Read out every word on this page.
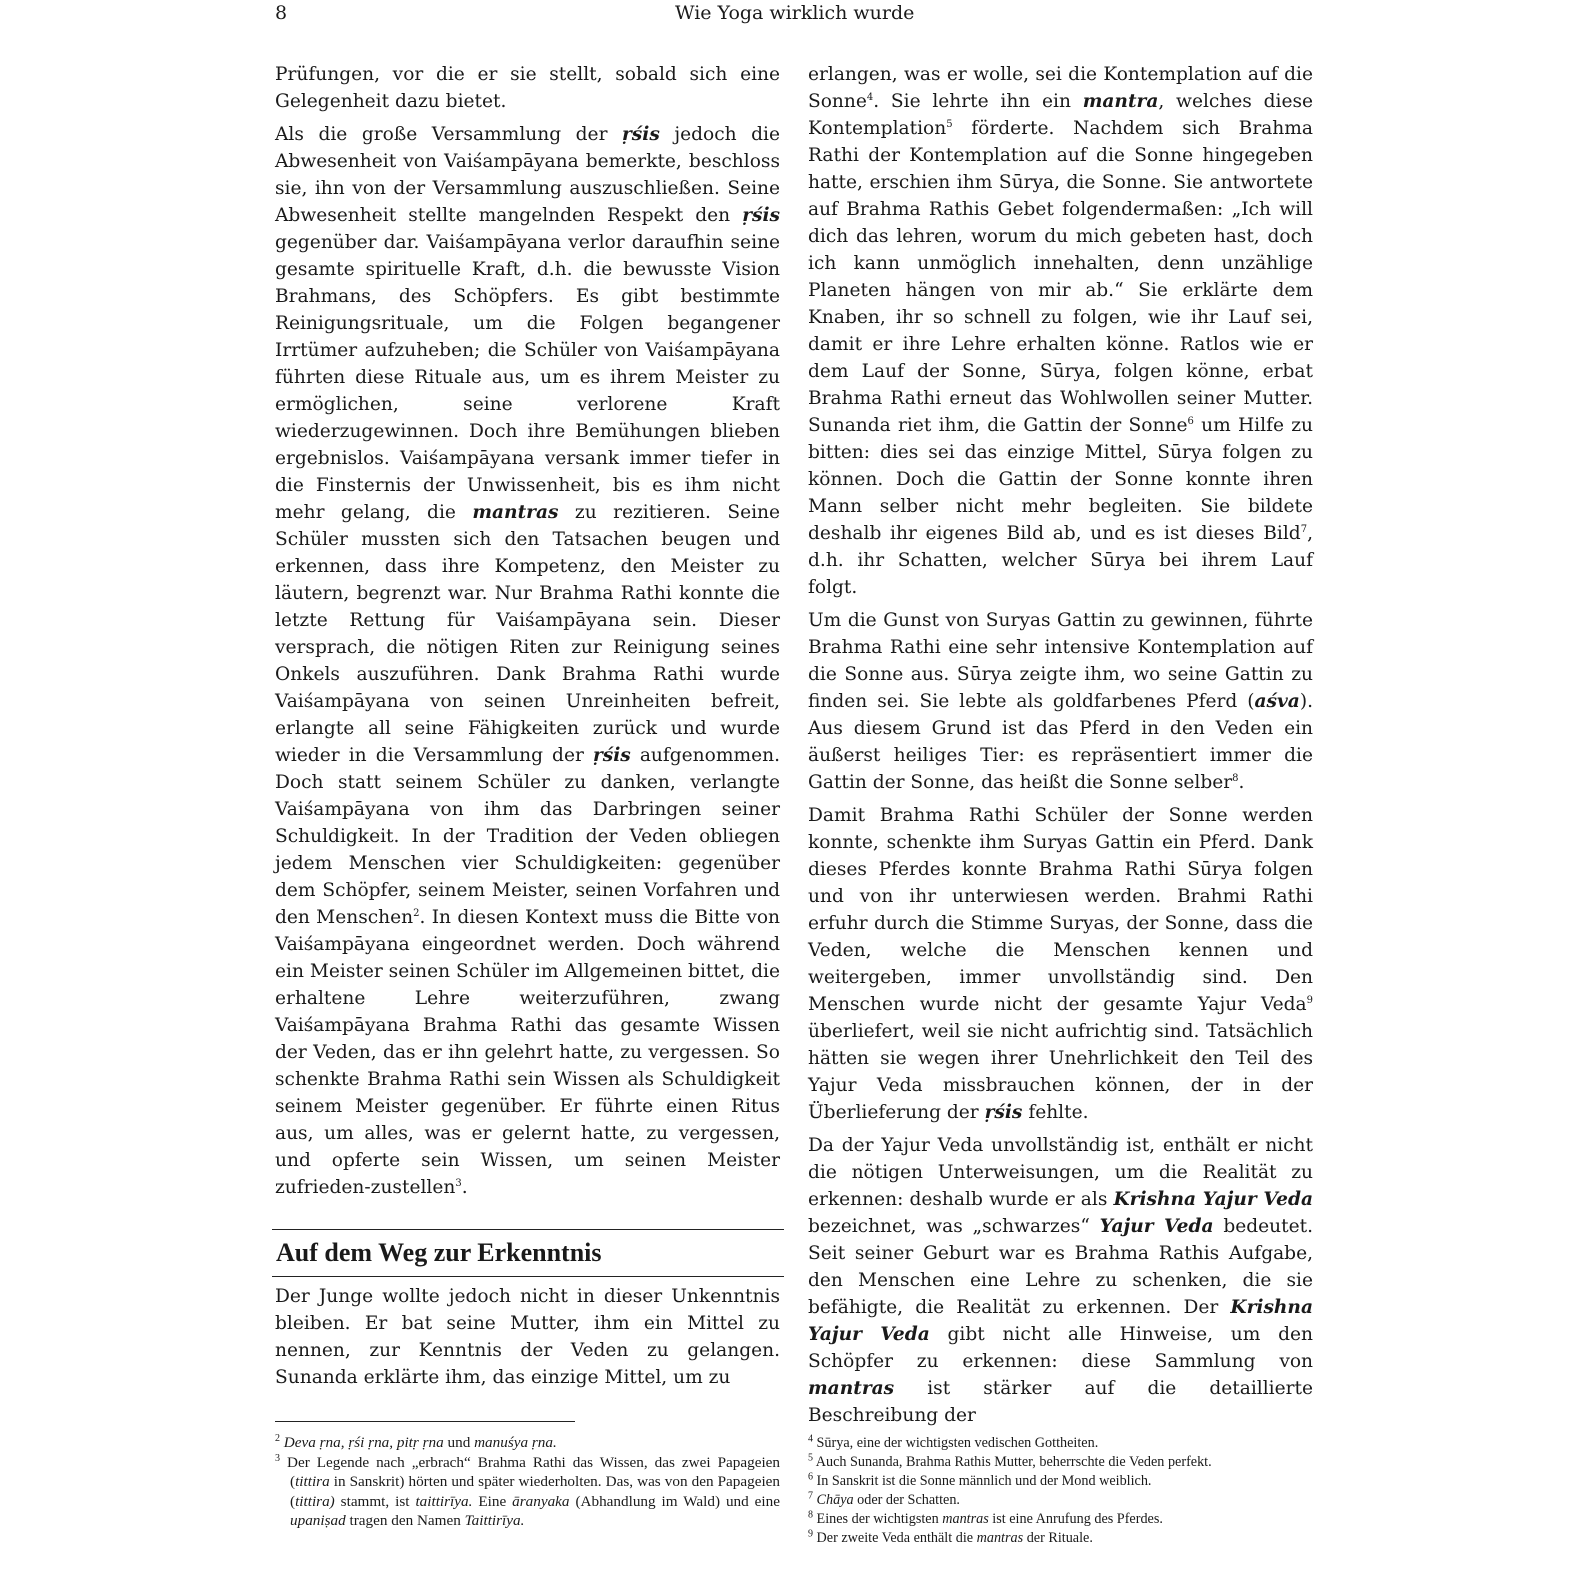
8	Wie Yoga wirklich wurde

Prüfungen, vor die er sie stellt, sobald sich eine Gelegenheit dazu bietet.

Als die große Versammlung der ṛśis jedoch die Abwesenheit von Vaiśampāyana bemerkte, beschloss sie, ihn von der Versammlung auszuschließen. Seine Abwesenheit stellte mangelnden Respekt den ṛśis gegenüber dar. Vaiśampāyana verlor daraufhin seine gesamte spirituelle Kraft, d.h. die bewusste Vision Brahmans, des Schöpfers. Es gibt bestimmte Reinigungsrituale, um die Folgen begangener Irrtümer aufzuheben; die Schüler von Vaiśampāyana führten diese Rituale aus, um es ihrem Meister zu ermöglichen, seine verlorene Kraft wiederzugewinnen. Doch ihre Bemühungen blieben ergebnislos. Vaiśampāyana versank immer tiefer in die Finsternis der Unwissenheit, bis es ihm nicht mehr gelang, die mantras zu rezitieren. Seine Schüler mussten sich den Tatsachen beugen und erkennen, dass ihre Kompetenz, den Meister zu läutern, begrenzt war. Nur Brahma Rathi konnte die letzte Rettung für Vaiśampāyana sein. Dieser versprach, die nötigen Riten zur Reinigung seines Onkels auszuführen. Dank Brahma Rathi wurde Vaiśampāyana von seinen Unreinheiten befreit, erlangte all seine Fähigkeiten zurück und wurde wieder in die Versammlung der ṛśis aufgenommen. Doch statt seinem Schüler zu danken, verlangte Vaiśampāyana von ihm das Darbringen seiner Schuldigkeit. In der Tradition der Veden obliegen jedem Menschen vier Schuldigkeiten: gegenüber dem Schöpfer, seinem Meister, seinen Vorfahren und den Menschen$^2$. In diesen Kontext muss die Bitte von Vaiśampāyana eingeordnet werden. Doch während ein Meister seinen Schüler im Allgemeinen bittet, die erhaltene Lehre weiterzuführen, zwang Vaiśampāyana Brahma Rathi das gesamte Wissen der Veden, das er ihn gelehrt hatte, zu vergessen. So schenkte Brahma Rathi sein Wissen als Schuldigkeit seinem Meister gegenüber. Er führte einen Ritus aus, um alles, was er gelernt hatte, zu vergessen, und opferte sein Wissen, um seinen Meister zufrieden-zustellen$^3$.

Auf dem Weg zur Erkenntnis

Der Junge wollte jedoch nicht in dieser Unkenntnis bleiben. Er bat seine Mutter, ihm ein Mittel zu nennen, zur Kenntnis der Veden zu gelangen. Sunanda erklärte ihm, das einzige Mittel, um zu

erlangen, was er wolle, sei die Kontemplation auf die Sonne$^4$. Sie lehrte ihn ein mantra, welches diese Kontemplation$^5$ förderte. Nachdem sich Brahma Rathi der Kontemplation auf die Sonne hingegeben hatte, erschien ihm Sūrya, die Sonne. Sie antwortete auf Brahma Rathis Gebet folgendermaßen: „Ich will dich das lehren, worum du mich gebeten hast, doch ich kann unmöglich innehalten, denn unzählige Planeten hängen von mir ab.“ Sie erklärte dem Knaben, ihr so schnell zu folgen, wie ihr Lauf sei, damit er ihre Lehre erhalten könne. Ratlos wie er dem Lauf der Sonne, Sūrya, folgen könne, erbat Brahma Rathi erneut das Wohlwollen seiner Mutter. Sunanda riet ihm, die Gattin der Sonne$^6$ um Hilfe zu bitten: dies sei das einzige Mittel, Sūrya folgen zu können. Doch die Gattin der Sonne konnte ihren Mann selber nicht mehr begleiten. Sie bildete deshalb ihr eigenes Bild ab, und es ist dieses Bild$^7$, d.h. ihr Schatten, welcher Sūrya bei ihrem Lauf folgt.

Um die Gunst von Suryas Gattin zu gewinnen, führte Brahma Rathi eine sehr intensive Kontemplation auf die Sonne aus. Sūrya zeigte ihm, wo seine Gattin zu finden sei. Sie lebte als goldfarbenes Pferd (aśva). Aus diesem Grund ist das Pferd in den Veden ein äußerst heiliges Tier: es repräsentiert immer die Gattin der Sonne, das heißt die Sonne selber$^8$.

Damit Brahma Rathi Schüler der Sonne werden konnte, schenkte ihm Suryas Gattin ein Pferd. Dank dieses Pferdes konnte Brahma Rathi Sūrya folgen und von ihr unterwiesen werden. Brahmi Rathi erfuhr durch die Stimme Suryas, der Sonne, dass die Veden, welche die Menschen kennen und weitergeben, immer unvollständig sind. Den Menschen wurde nicht der gesamte Yajur Veda$^9$ überliefert, weil sie nicht aufrichtig sind. Tatsächlich hätten sie wegen ihrer Unehrlichkeit den Teil des Yajur Veda missbrauchen können, der in der Überlieferung der ṛśis fehlte.

Da der Yajur Veda unvollständig ist, enthält er nicht die nötigen Unterweisungen, um die Realität zu erkennen: deshalb wurde er als Krishna Yajur Veda bezeichnet, was „schwarzes“ Yajur Veda bedeutet. Seit seiner Geburt war es Brahma Rathis Aufgabe, den Menschen eine Lehre zu schenken, die sie befähigte, die Realität zu erkennen. Der Krishna Yajur Veda gibt nicht alle Hinweise, um den Schöpfer zu erkennen: diese Sammlung von mantras ist stärker auf die detaillierte Beschreibung der

$^2$ Deva ṛna, ṛśi ṛna, pitṛ ṛna und manuśya ṛna.
$^3$ Der Legende nach „erbrach“ Brahma Rathi das Wissen, das zwei Papageien (tittira in Sanskrit) hörten und später wiederholten. Das, was von den Papageien (tittira) stammt, ist taittirīya. Eine āranyaka (Abhandlung im Wald) und eine upaniṣad tragen den Namen Taittirīya.
$^4$ Sūrya, eine der wichtigsten vedischen Gottheiten.
$^5$ Auch Sunanda, Brahma Rathis Mutter, beherrschte die Veden perfekt.
$^6$ In Sanskrit ist die Sonne männlich und der Mond weiblich.
$^7$ Chāya oder der Schatten.
$^8$ Eines der wichtigsten mantras ist eine Anrufung des Pferdes.
$^9$ Der zweite Veda enthält die mantras der Rituale.
